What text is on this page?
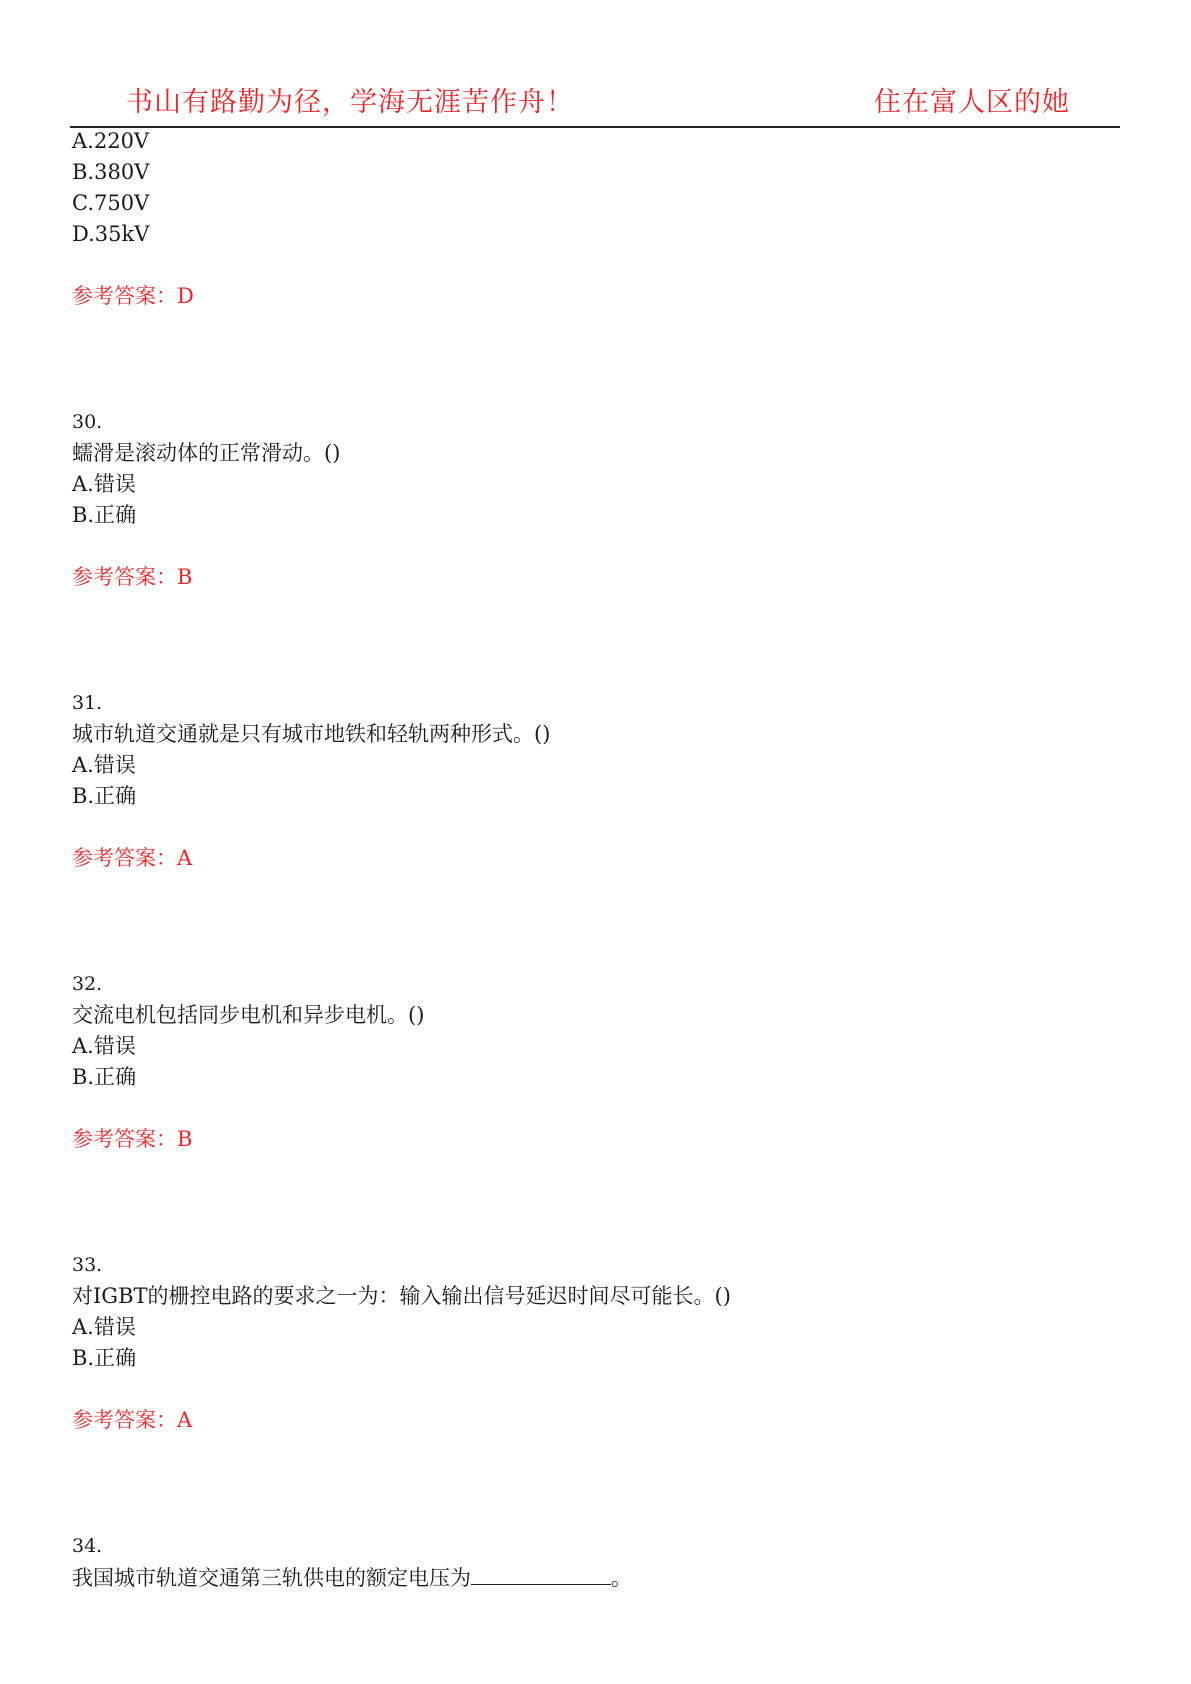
书山有路勤为径，学海无涯苦作舟！	住在富人区的她
A.220V
B.380V
C.750V
D.35kV
参考答案：D
30.
蠕滑是滚动体的正常滑动。()
A.错误
B.正确
参考答案：B
31.
城市轨道交通就是只有城市地铁和轻轨两种形式。()
A.错误
B.正确
参考答案：A
32.
交流电机包括同步电机和异步电机。()
A.错误
B.正确
参考答案：B
33.
对IGBT的栅控电路的要求之一为：输入输出信号延迟时间尽可能长。()
A.错误
B.正确
参考答案：A
34.
我国城市轨道交通第三轨供电的额定电压为	。
